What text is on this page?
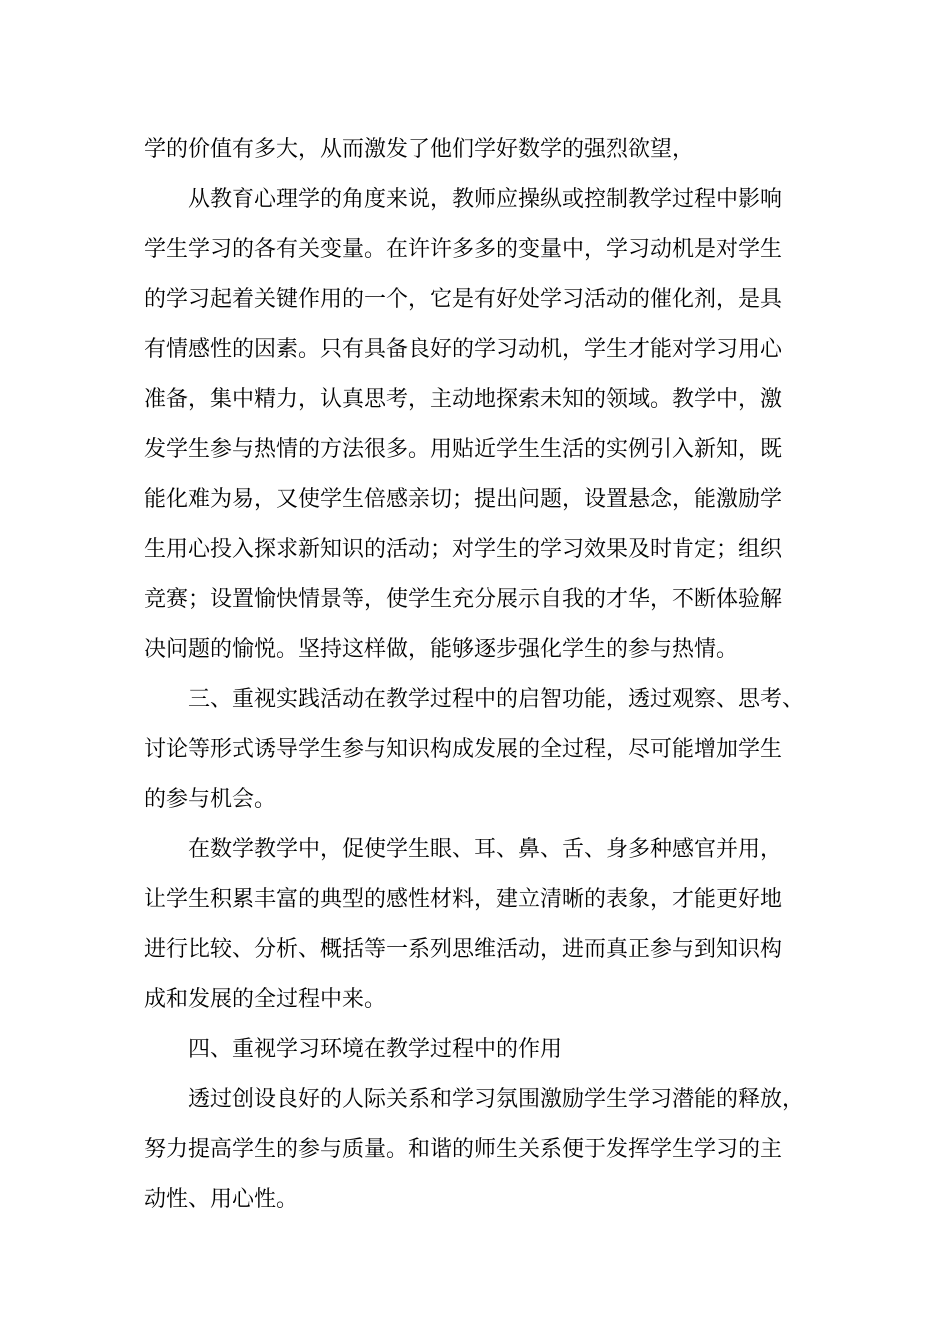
学的价值有多大，从而激发了他们学好数学的强烈欲望，
从教育心理学的角度来说，教师应操纵或控制教学过程中影响
学生学习的各有关变量。在许许多多的变量中，学习动机是对学生
的学习起着关键作用的一个，它是有好处学习活动的催化剂，是具
有情感性的因素。只有具备良好的学习动机，学生才能对学习用心
准备，集中精力，认真思考，主动地探索未知的领域。教学中，激
发学生参与热情的方法很多。用贴近学生生活的实例引入新知，既
能化难为易，又使学生倍感亲切；提出问题，设置悬念，能激励学
生用心投入探求新知识的活动；对学生的学习效果及时肯定；组织
竞赛；设置愉快情景等，使学生充分展示自我的才华，不断体验解
决问题的愉悦。坚持这样做，能够逐步强化学生的参与热情。
三、重视实践活动在教学过程中的启智功能，透过观察、思考、
讨论等形式诱导学生参与知识构成发展的全过程，尽可能增加学生
的参与机会。
在数学教学中，促使学生眼、耳、鼻、舌、身多种感官并用，
让学生积累丰富的典型的感性材料，建立清晰的表象，才能更好地
进行比较、分析、概括等一系列思维活动，进而真正参与到知识构
成和发展的全过程中来。
四、重视学习环境在教学过程中的作用
透过创设良好的人际关系和学习氛围激励学生学习潜能的释放，
努力提高学生的参与质量。和谐的师生关系便于发挥学生学习的主
动性、用心性。
